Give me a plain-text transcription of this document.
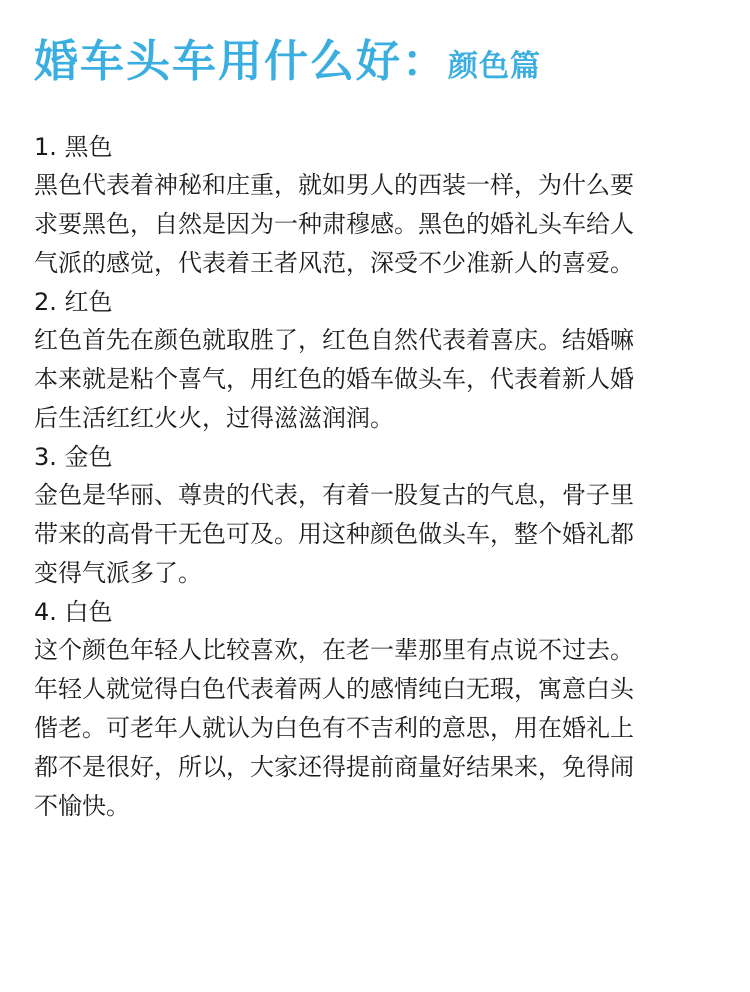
婚车头车用什么好：颜色篇
1. 黑色
黑色代表着神秘和庄重，就如男人的西装一样，为什么要
求要黑色，自然是因为一种肃穆感。黑色的婚礼头车给人
气派的感觉，代表着王者风范，深受不少准新人的喜爱。
2. 红色
红色首先在颜色就取胜了，红色自然代表着喜庆。结婚嘛
本来就是粘个喜气，用红色的婚车做头车，代表着新人婚
后生活红红火火，过得滋滋润润。
3. 金色
金色是华丽、尊贵的代表，有着一股复古的气息，骨子里
带来的高骨干无色可及。用这种颜色做头车，整个婚礼都
变得气派多了。
4. 白色
这个颜色年轻人比较喜欢，在老一辈那里有点说不过去。
年轻人就觉得白色代表着两人的感情纯白无瑕，寓意白头
偕老。可老年人就认为白色有不吉利的意思，用在婚礼上
都不是很好，所以，大家还得提前商量好结果来，免得闹
不愉快。
